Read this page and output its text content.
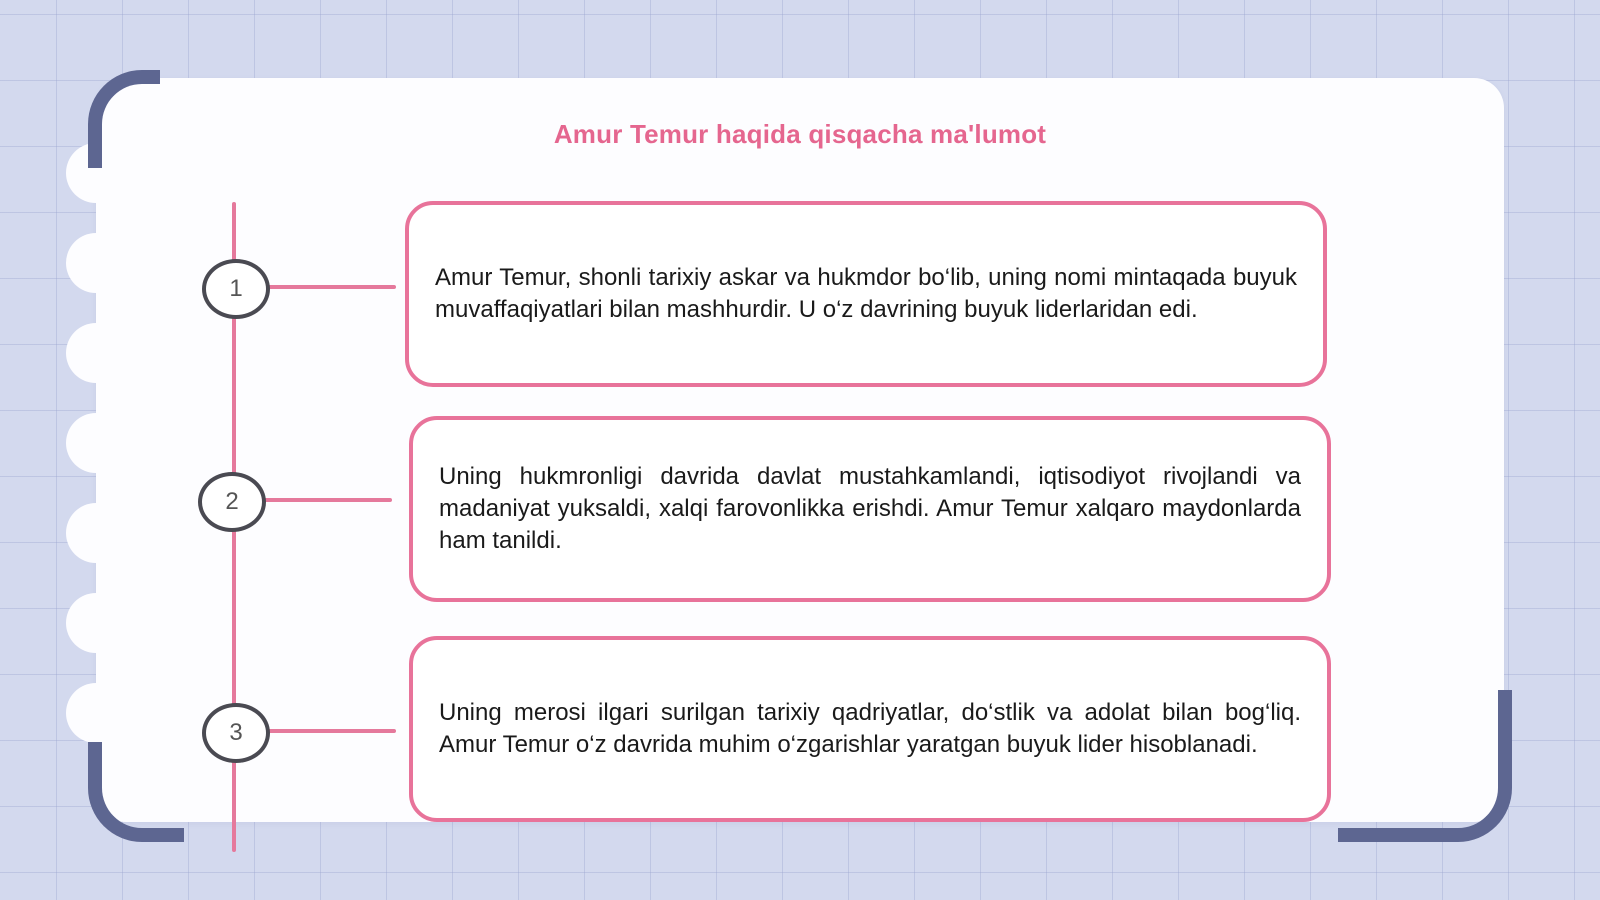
Amur Temur haqida qisqacha ma'lumot
1
2
3
Amur Temur, shonli tarixiy askar va hukmdor bo‘lib, uning nomi mintaqada buyuk muvaffaqiyatlari bilan mashhurdir. U o‘z davrining buyuk liderlaridan edi.
Uning hukmronligi davrida davlat mustahkamlandi, iqtisodiyot rivojlandi va madaniyat yuksaldi, xalqi farovonlikka erishdi. Amur Temur xalqaro maydonlarda ham tanildi.
Uning merosi ilgari surilgan tarixiy qadriyatlar, do‘stlik va adolat bilan bog‘liq. Amur Temur o‘z davrida muhim o‘zgarishlar yaratgan buyuk lider hisoblanadi.
